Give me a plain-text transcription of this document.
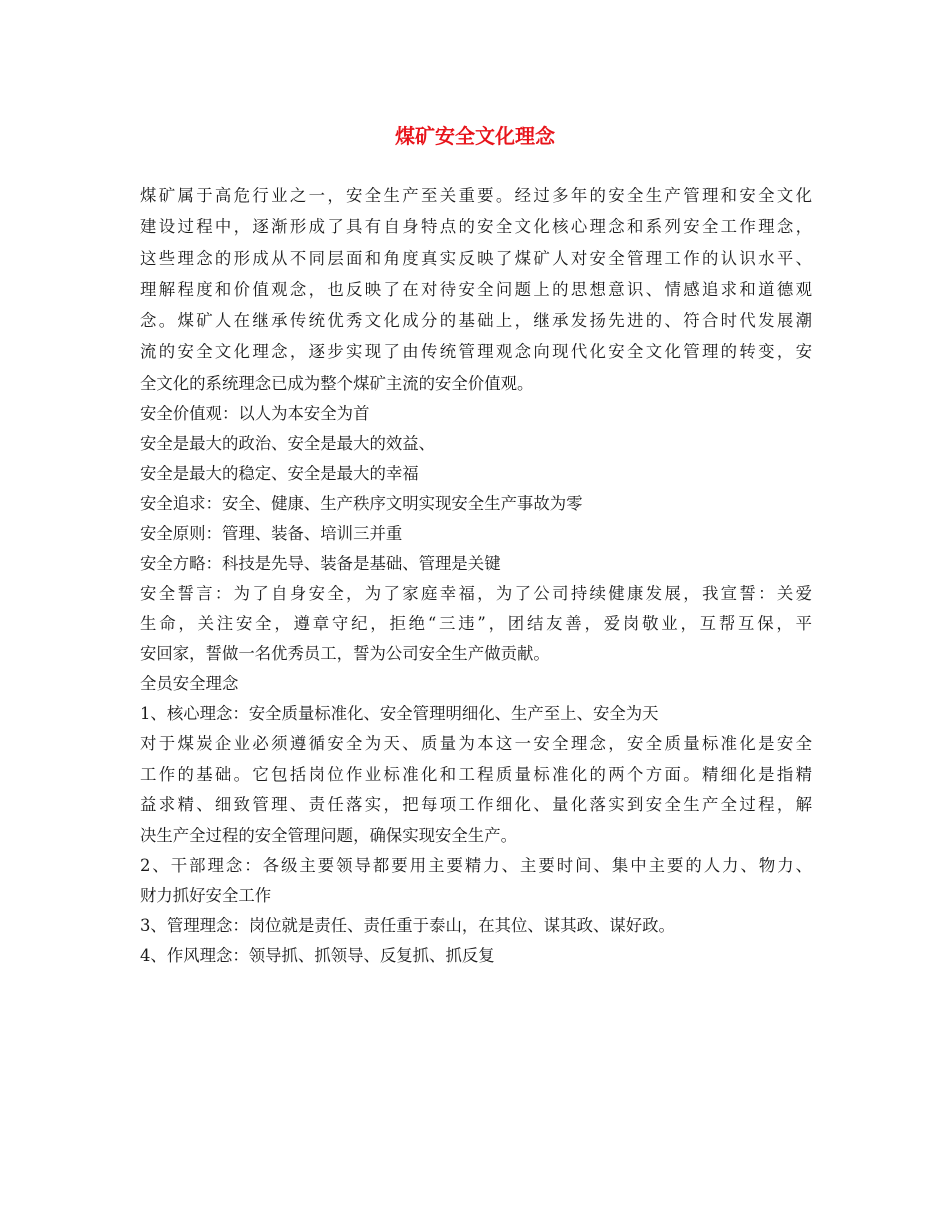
煤矿安全文化理念
煤矿属于高危行业之一，安全生产至关重要。经过多年的安全生产管理和安全文化
建设过程中，逐渐形成了具有自身特点的安全文化核心理念和系列安全工作理念，
这些理念的形成从不同层面和角度真实反映了煤矿人对安全管理工作的认识水平、
理解程度和价值观念，也反映了在对待安全问题上的思想意识、情感追求和道德观
念。煤矿人在继承传统优秀文化成分的基础上，继承发扬先进的、符合时代发展潮
流的安全文化理念，逐步实现了由传统管理观念向现代化安全文化管理的转变，安
全文化的系统理念已成为整个煤矿主流的安全价值观。
安全价值观：以人为本安全为首
安全是最大的政治、安全是最大的效益、
安全是最大的稳定、安全是最大的幸福
安全追求：安全、健康、生产秩序文明实现安全生产事故为零
安全原则：管理、装备、培训三并重
安全方略：科技是先导、装备是基础、管理是关键
安全誓言：为了自身安全，为了家庭幸福，为了公司持续健康发展，我宣誓：关爱
生命，关注安全，遵章守纪，拒绝“三违”，团结友善，爱岗敬业，互帮互保，平
安回家，誓做一名优秀员工，誓为公司安全生产做贡献。
全员安全理念
1、核心理念：安全质量标准化、安全管理明细化、生产至上、安全为天
对于煤炭企业必须遵循安全为天、质量为本这一安全理念，安全质量标准化是安全
工作的基础。它包括岗位作业标准化和工程质量标准化的两个方面。精细化是指精
益求精、细致管理、责任落实，把每项工作细化、量化落实到安全生产全过程，解
决生产全过程的安全管理问题，确保实现安全生产。
2、干部理念：各级主要领导都要用主要精力、主要时间、集中主要的人力、物力、
财力抓好安全工作
3、管理理念：岗位就是责任、责任重于泰山，在其位、谋其政、谋好政。
4、作风理念：领导抓、抓领导、反复抓、抓反复
